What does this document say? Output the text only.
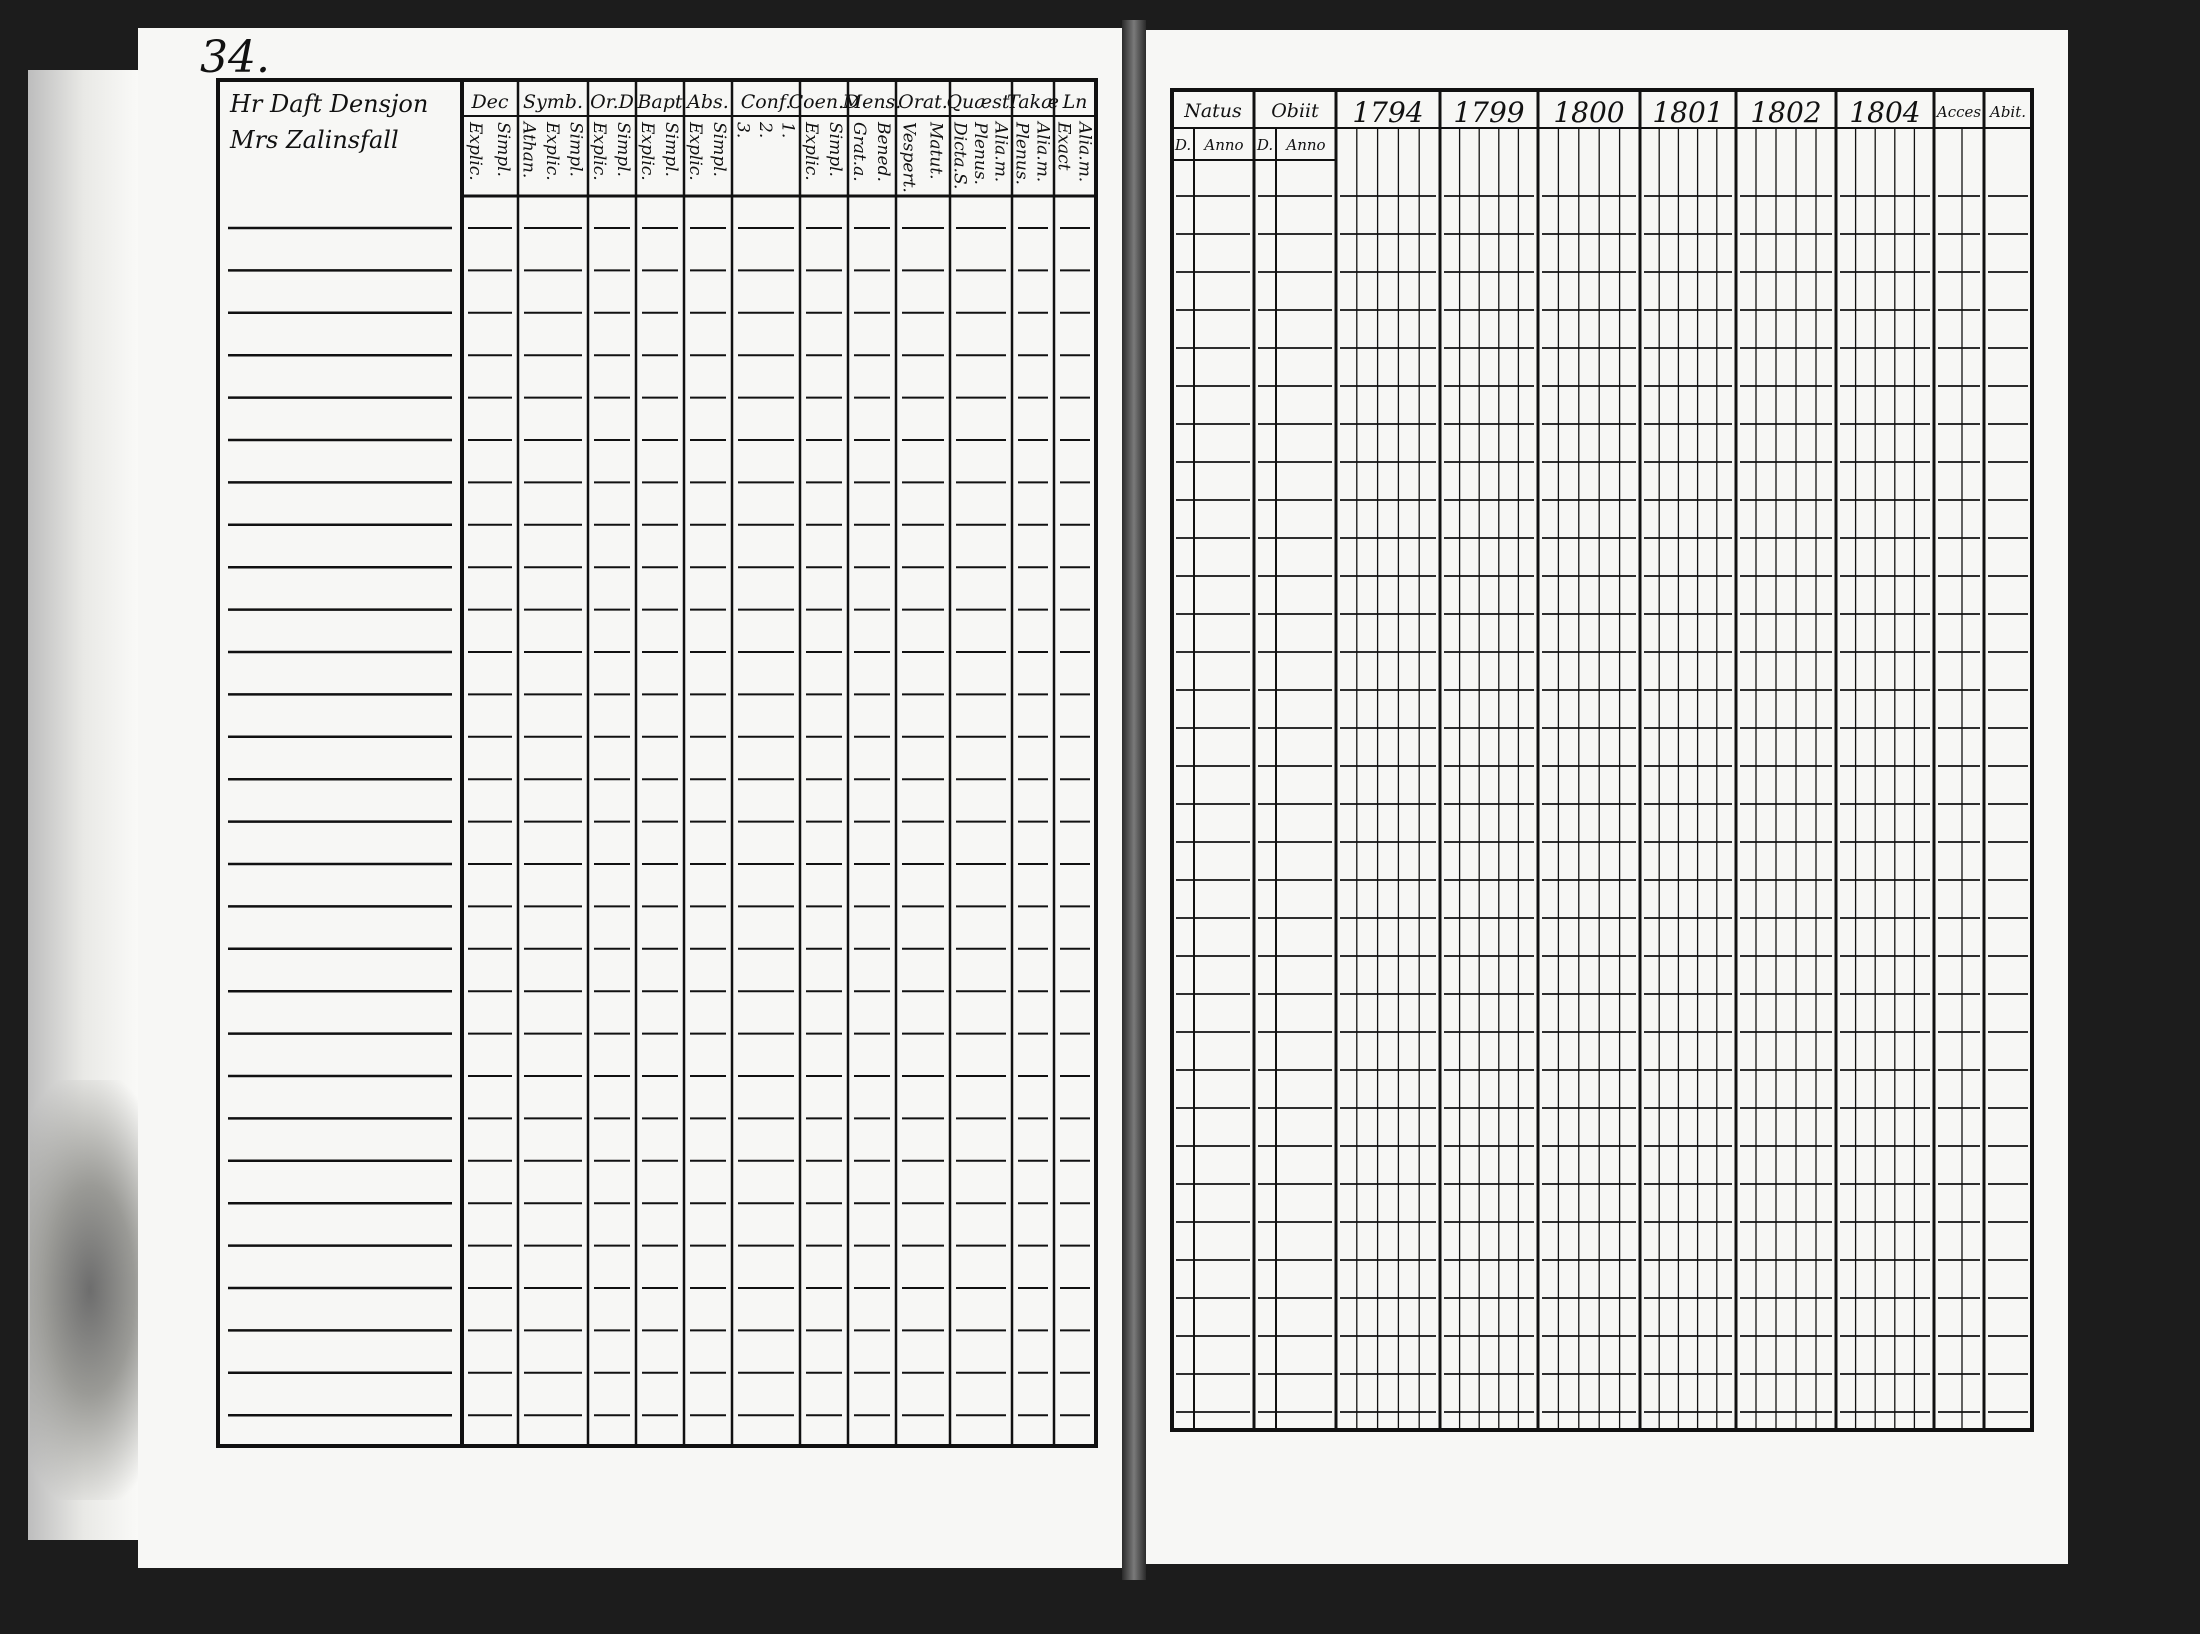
34.
Hr Daft Densjon
Mrs Zalinsfall
Dec
Explic. Simpl.
Symb.
Athan. Explic. Simpl.
Or.D
Explic. Simpl.
Bapt
Explic. Simpl.
Abs.
Explic. Simpl.
Conf.
3. 2. 1.
Coen.D
Explic. Simpl.
Mens.
Grat.a. Bened.
Orat.
Vespert. Matut.
Quæst.
Dicta.S. Plenus. Alia.m.
Takæ
Plenus. Alia.m.
Ln
Exact Alia.m.
Natus
D. Anno
Obiit
D. Anno
1794 1799 1800 1801 1802 1804 Acces Abit.
